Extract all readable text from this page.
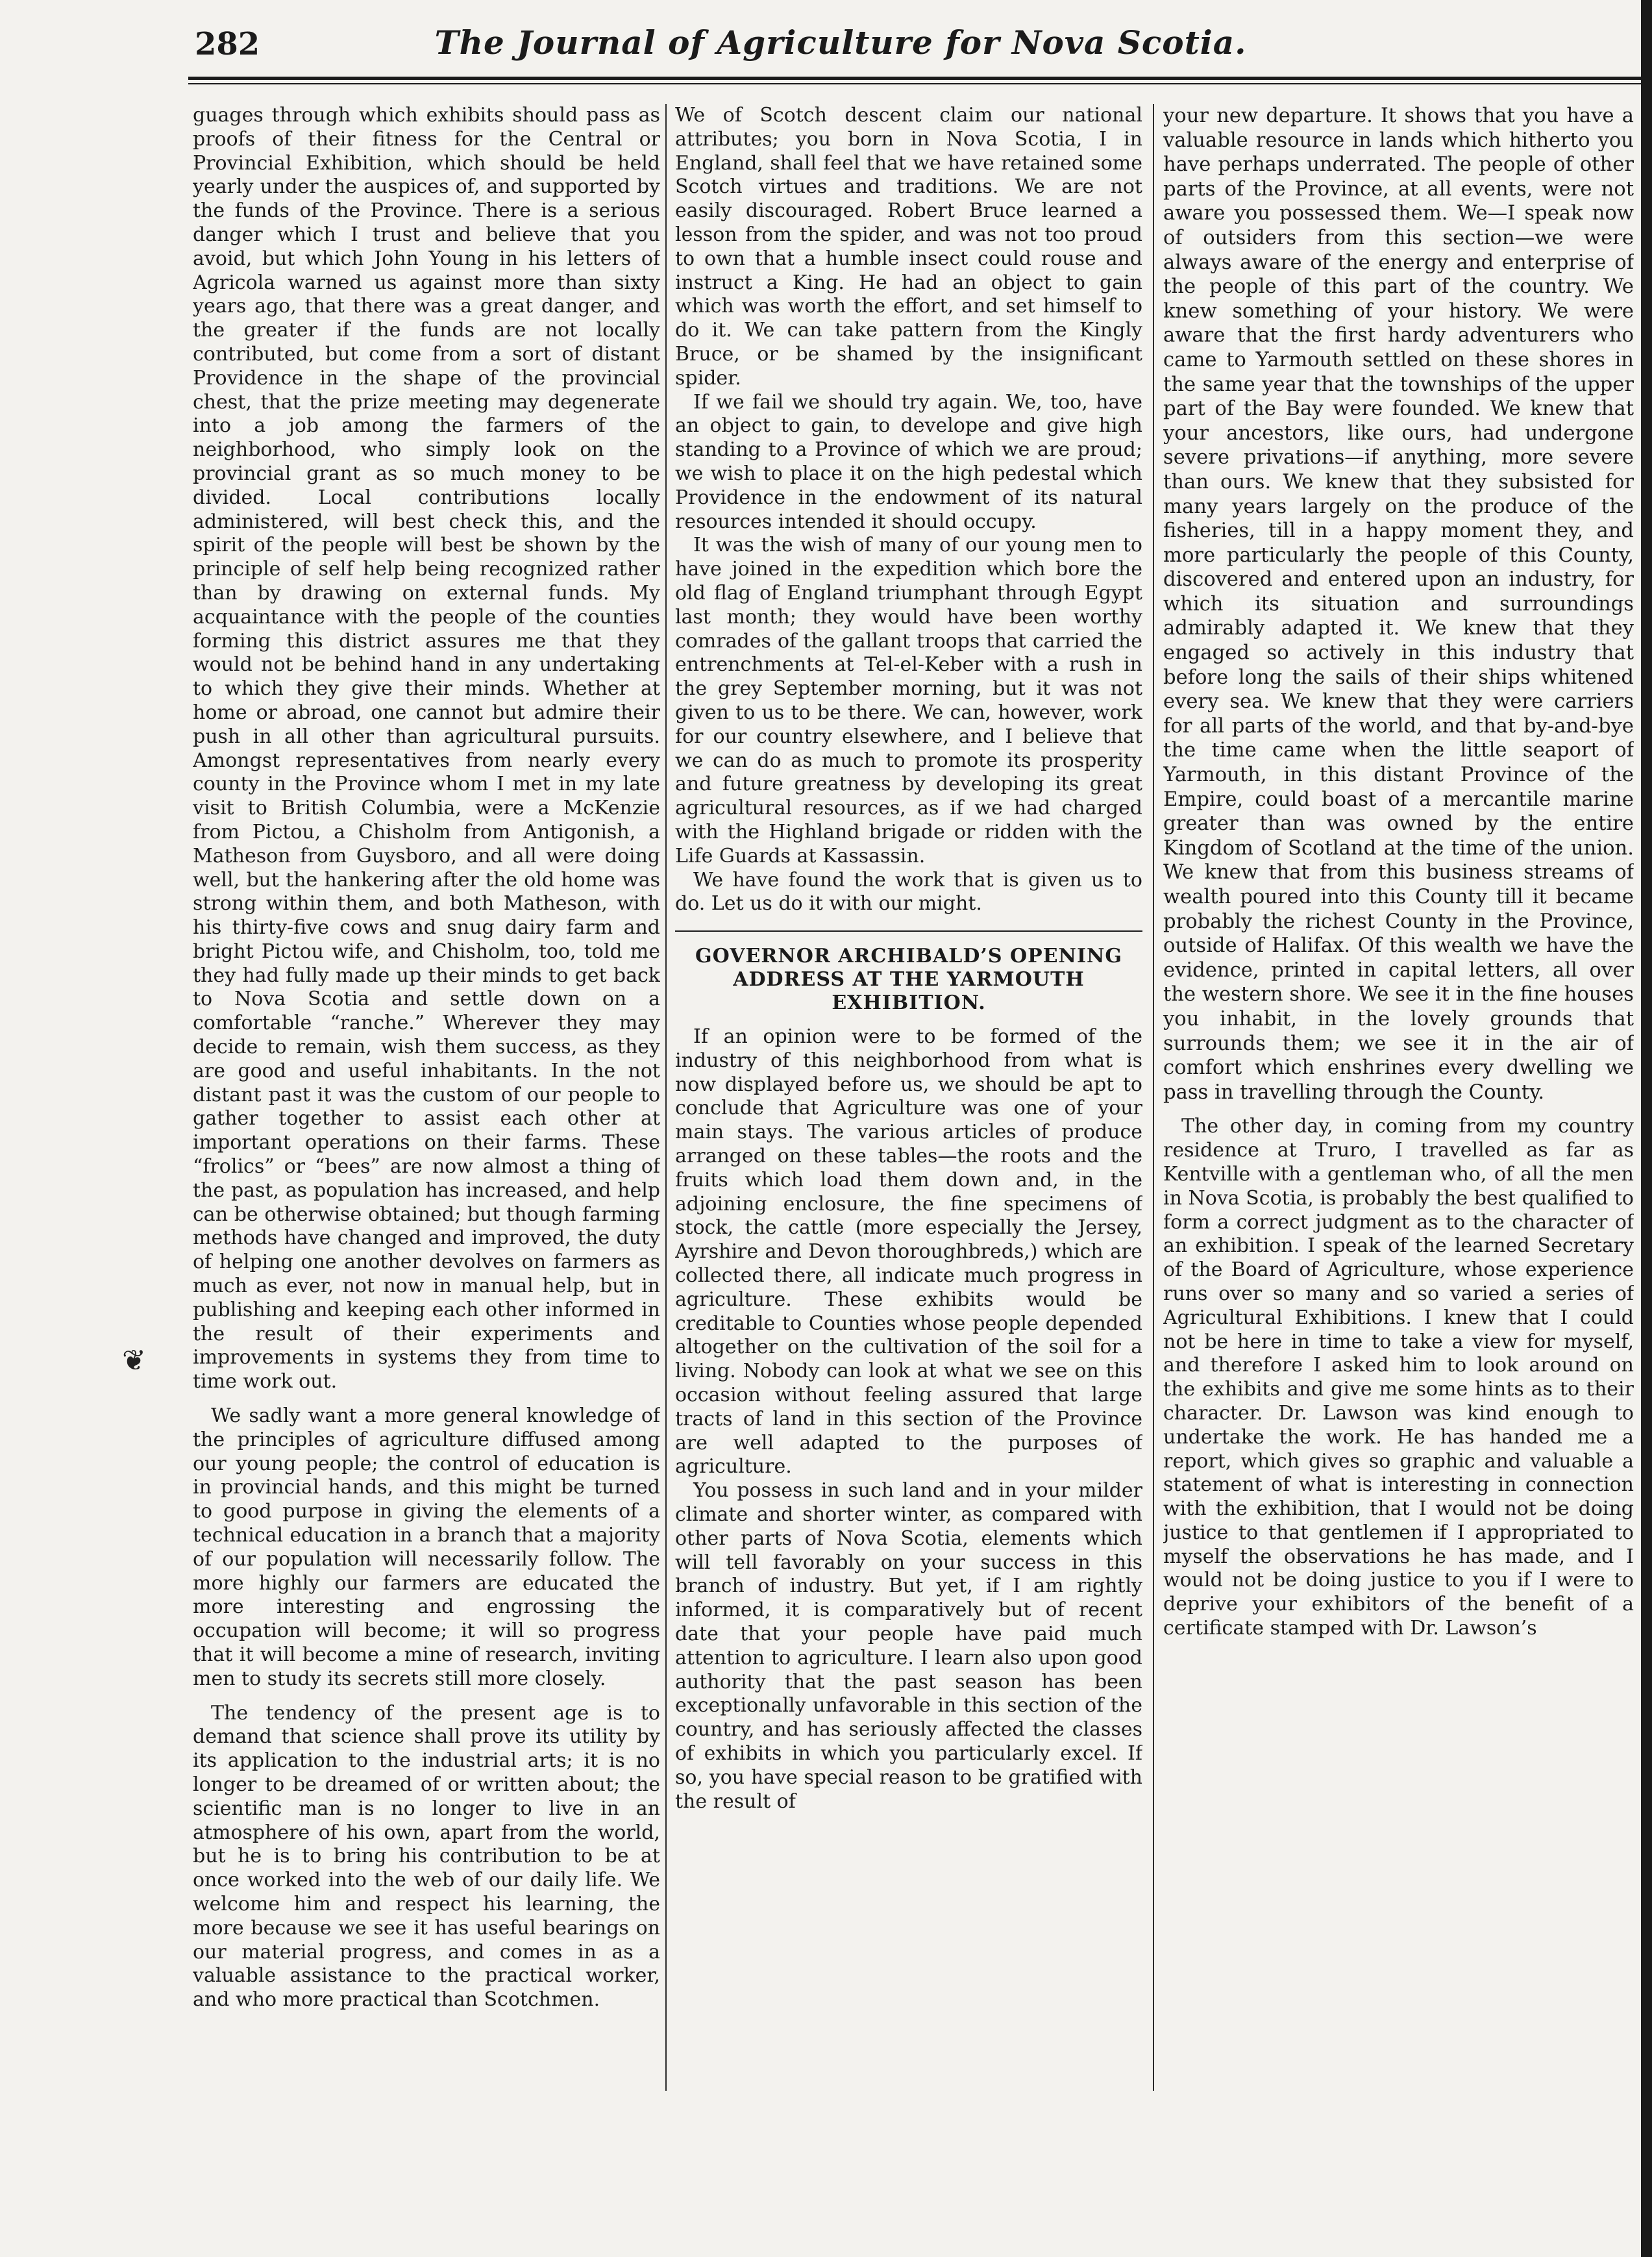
282	The Journal of Agriculture for Nova Scotia.

guages through which exhibits should pass as proofs of their fitness for the Central or Provincial Exhibition, which should be held yearly under the auspices of, and supported by the funds of the Province. There is a serious danger which I trust and believe that you avoid, but which John Young in his letters of Agricola warned us against more than sixty years ago, that there was a great danger, and the greater if the funds are not locally contributed, but come from a sort of distant Providence in the shape of the provincial chest, that the prize meeting may degenerate into a job among the farmers of the neighborhood, who simply look on the provincial grant as so much money to be divided. Local contributions locally administered, will best check this, and the spirit of the people will best be shown by the principle of self help being recognized rather than by drawing on external funds. My acquaintance with the people of the counties forming this district assures me that they would not be behind hand in any undertaking to which they give their minds. Whether at home or abroad, one cannot but admire their push in all other than agricultural pursuits. Amongst representatives from nearly every county in the Province whom I met in my late visit to British Columbia, were a McKenzie from Pictou, a Chisholm from Antigonish, a Matheson from Guysboro, and all were doing well, but the hankering after the old home was strong within them, and both Matheson, with his thirty-five cows and snug dairy farm and bright Pictou wife, and Chisholm, too, told me they had fully made up their minds to get back to Nova Scotia and settle down on a comfortable “ranche.” Wherever they may decide to remain, wish them success, as they are good and useful inhabitants. In the not distant past it was the custom of our people to gather together to assist each other at important operations on their farms. These “frolics” or “bees” are now almost a thing of the past, as population has increased, and help can be otherwise obtained; but though farming methods have changed and improved, the duty of helping one another devolves on farmers as much as ever, not now in manual help, but in publishing and keeping each other informed in the result of their experiments and improvements in systems they from time to time work out.

We sadly want a more general knowledge of the principles of agriculture diffused among our young people; the control of education is in provincial hands, and this might be turned to good purpose in giving the elements of a technical education in a branch that a majority of our population will necessarily follow. The more highly our farmers are educated the more interesting and engrossing the occupation will become; it will so progress that it will become a mine of research, inviting men to study its secrets still more closely.

The tendency of the present age is to demand that science shall prove its utility by its application to the industrial arts; it is no longer to be dreamed of or written about; the scientific man is no longer to live in an atmosphere of his own, apart from the world, but he is to bring his contribution to be at once worked into the web of our daily life. We welcome him and respect his learning, the more because we see it has useful bearings on our material progress, and comes in as a valuable assistance to the practical worker, and who more practical than Scotchmen.

We of Scotch descent claim our national attributes; you born in Nova Scotia, I in England, shall feel that we have retained some Scotch virtues and traditions. We are not easily discouraged. Robert Bruce learned a lesson from the spider, and was not too proud to own that a humble insect could rouse and instruct a King. He had an object to gain which was worth the effort, and set himself to do it. We can take pattern from the Kingly Bruce, or be shamed by the insignificant spider.

If we fail we should try again. We, too, have an object to gain, to develope and give high standing to a Province of which we are proud; we wish to place it on the high pedestal which Providence in the endowment of its natural resources intended it should occupy.

It was the wish of many of our young men to have joined in the expedition which bore the old flag of England triumphant through Egypt last month; they would have been worthy comrades of the gallant troops that carried the entrenchments at Tel-el-Keber with a rush in the grey September morning, but it was not given to us to be there. We can, however, work for our country elsewhere, and I believe that we can do as much to promote its prosperity and future greatness by developing its great agricultural resources, as if we had charged with the Highland brigade or ridden with the Life Guards at Kassassin.

We have found the work that is given us to do. Let us do it with our might.

GOVERNOR ARCHIBALD’S OPENING ADDRESS AT THE YARMOUTH EXHIBITION.

If an opinion were to be formed of the industry of this neighborhood from what is now displayed before us, we should be apt to conclude that Agriculture was one of your main stays. The various articles of produce arranged on these tables—the roots and the fruits which load them down and, in the adjoining enclosure, the fine specimens of stock, the cattle (more especially the Jersey, Ayrshire and Devon thoroughbreds,) which are collected there, all indicate much progress in agriculture. These exhibits would be creditable to Counties whose people depended altogether on the cultivation of the soil for a living. Nobody can look at what we see on this occasion without feeling assured that large tracts of land in this section of the Province are well adapted to the purposes of agriculture.

You possess in such land and in your milder climate and shorter winter, as compared with other parts of Nova Scotia, elements which will tell favorably on your success in this branch of industry. But yet, if I am rightly informed, it is comparatively but of recent date that your people have paid much attention to agriculture. I learn also upon good authority that the past season has been exceptionally unfavorable in this section of the country, and has seriously affected the classes of exhibits in which you particularly excel. If so, you have special reason to be gratified with the result of

your new departure. It shows that you have a valuable resource in lands which hitherto you have perhaps underrated. The people of other parts of the Province, at all events, were not aware you possessed them. We—I speak now of outsiders from this section—we were always aware of the energy and enterprise of the people of this part of the country. We knew something of your history. We were aware that the first hardy adventurers who came to Yarmouth settled on these shores in the same year that the townships of the upper part of the Bay were founded. We knew that your ancestors, like ours, had undergone severe privations—if anything, more severe than ours. We knew that they subsisted for many years largely on the produce of the fisheries, till in a happy moment they, and more particularly the people of this County, discovered and entered upon an industry, for which its situation and surroundings admirably adapted it. We knew that they engaged so actively in this industry that before long the sails of their ships whitened every sea. We knew that they were carriers for all parts of the world, and that by-and-bye the time came when the little seaport of Yarmouth, in this distant Province of the Empire, could boast of a mercantile marine greater than was owned by the entire Kingdom of Scotland at the time of the union. We knew that from this business streams of wealth poured into this County till it became probably the richest County in the Province, outside of Halifax. Of this wealth we have the evidence, printed in capital letters, all over the western shore. We see it in the fine houses you inhabit, in the lovely grounds that surrounds them; we see it in the air of comfort which enshrines every dwelling we pass in travelling through the County.

The other day, in coming from my country residence at Truro, I travelled as far as Kentville with a gentleman who, of all the men in Nova Scotia, is probably the best qualified to form a correct judgment as to the character of an exhibition. I speak of the learned Secretary of the Board of Agriculture, whose experience runs over so many and so varied a series of Agricultural Exhibitions. I knew that I could not be here in time to take a view for myself, and therefore I asked him to look around on the exhibits and give me some hints as to their character. Dr. Lawson was kind enough to undertake the work. He has handed me a report, which gives so graphic and valuable a statement of what is interesting in connection with the exhibition, that I would not be doing justice to that gentlemen if I appropriated to myself the observations he has made, and I would not be doing justice to you if I were to deprive your exhibitors of the benefit of a certificate stamped with Dr. Lawson’s

❦
